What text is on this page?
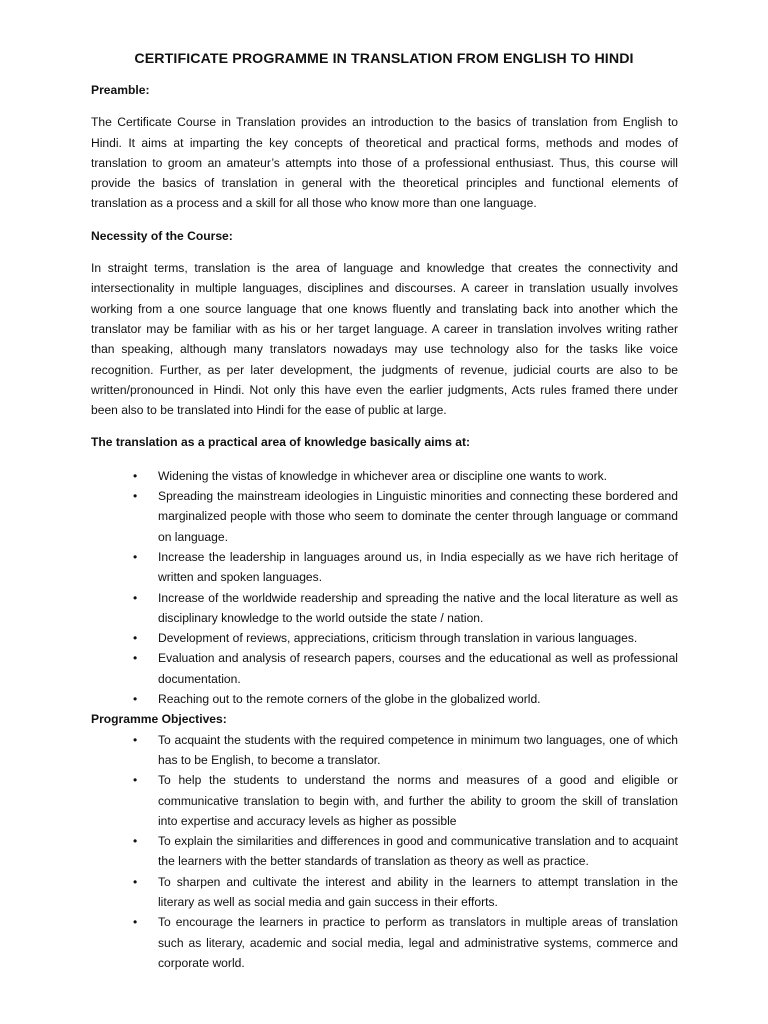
CERTIFICATE PROGRAMME IN TRANSLATION FROM ENGLISH TO HINDI

Preamble:

The Certificate Course in Translation provides an introduction to the basics of translation from English to Hindi. It aims at imparting the key concepts of theoretical and practical forms, methods and modes of translation to groom an amateur’s attempts into those of a professional enthusiast. Thus, this course will provide the basics of translation in general with the theoretical principles and functional elements of translation as a process and a skill for all those who know more than one language.

Necessity of the Course:

In straight terms, translation is the area of language and knowledge that creates the connectivity and intersectionality in multiple languages, disciplines and discourses. A career in translation usually involves working from a one source language that one knows fluently and translating back into another which the translator may be familiar with as his or her target language. A career in translation involves writing rather than speaking, although many translators nowadays may use technology also for the tasks like voice recognition. Further, as per later development, the judgments of revenue, judicial courts are also to be written/pronounced in Hindi. Not only this have even the earlier judgments, Acts rules framed there under been also to be translated into Hindi for the ease of public at large.

The translation as a practical area of knowledge basically aims at:

• Widening the vistas of knowledge in whichever area or discipline one wants to work.
• Spreading the mainstream ideologies in Linguistic minorities and connecting these bordered and marginalized people with those who seem to dominate the center through language or command on language.
• Increase the leadership in languages around us, in India especially as we have rich heritage of written and spoken languages.
• Increase of the worldwide readership and spreading the native and the local literature as well as disciplinary knowledge to the world outside the state / nation.
• Development of reviews, appreciations, criticism through translation in various languages.
• Evaluation and analysis of research papers, courses and the educational as well as professional documentation.
• Reaching out to the remote corners of the globe in the globalized world.

Programme Objectives:

• To acquaint the students with the required competence in minimum two languages, one of which has to be English, to become a translator.
• To help the students to understand the norms and measures of a good and eligible or communicative translation to begin with, and further the ability to groom the skill of translation into expertise and accuracy levels as higher as possible
• To explain the similarities and differences in good and communicative translation and to acquaint the learners with the better standards of translation as theory as well as practice.
• To sharpen and cultivate the interest and ability in the learners to attempt translation in the literary as well as social media and gain success in their efforts.
• To encourage the learners in practice to perform as translators in multiple areas of translation such as literary, academic and social media, legal and administrative systems, commerce and corporate world.
